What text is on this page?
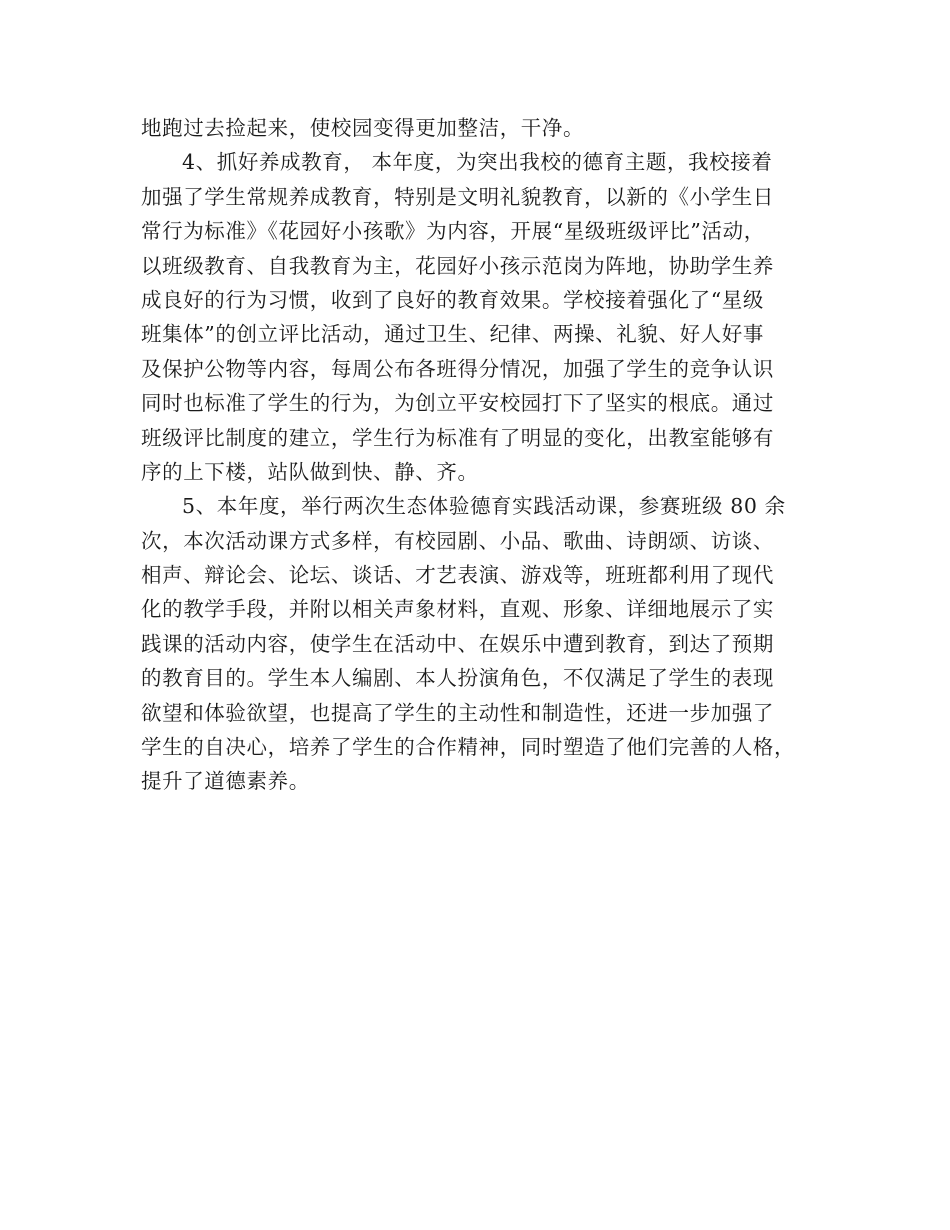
地跑过去捡起来，使校园变得更加整洁，干净。
4、抓好养成教育， 本年度，为突出我校的德育主题，我校接着
加强了学生常规养成教育，特别是文明礼貌教育，以新的《小学生日
常行为标准》《花园好小孩歌》为内容，开展“星级班级评比”活动，
以班级教育、自我教育为主，花园好小孩示范岗为阵地，协助学生养
成良好的行为习惯，收到了良好的教育效果。学校接着强化了“星级
班集体”的创立评比活动，通过卫生、纪律、两操、礼貌、好人好事
及保护公物等内容，每周公布各班得分情况，加强了学生的竞争认识
同时也标准了学生的行为，为创立平安校园打下了坚实的根底。通过
班级评比制度的建立，学生行为标准有了明显的变化，出教室能够有
序的上下楼，站队做到快、静、齐。
5、本年度，举行两次生态体验德育实践活动课，参赛班级 80 余
次，本次活动课方式多样，有校园剧、小品、歌曲、诗朗颂、访谈、
相声、辩论会、论坛、谈话、才艺表演、游戏等，班班都利用了现代
化的教学手段，并附以相关声象材料，直观、形象、详细地展示了实
践课的活动内容，使学生在活动中、在娱乐中遭到教育，到达了预期
的教育目的。学生本人编剧、本人扮演角色，不仅满足了学生的表现
欲望和体验欲望，也提高了学生的主动性和制造性，还进一步加强了
学生的自决心，培养了学生的合作精神，同时塑造了他们完善的人格，
提升了道德素养。
